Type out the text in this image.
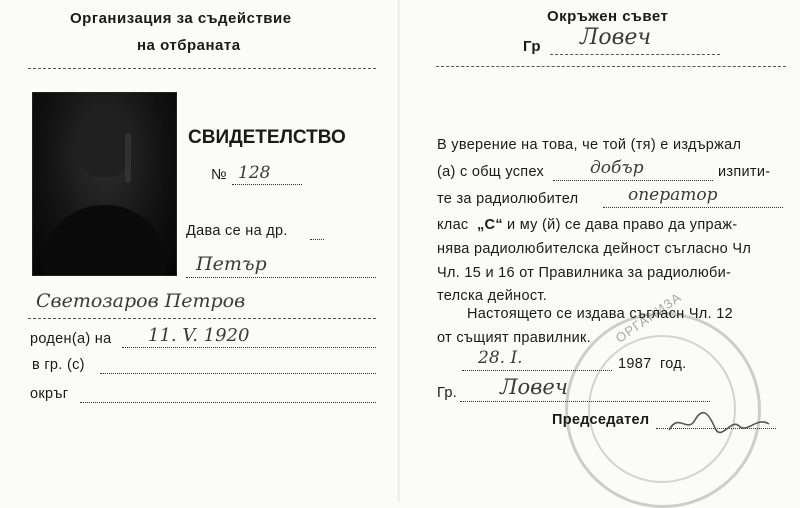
Организация за съдействие
на отбраната
СВИДЕТЕЛСТВО
№ 128
Дава се на др.
Петър
Светозаров Петров
роден(а) на 11. V. 1920
в гр. (с)
окръг
Окръжен съвет
Гр Ловеч
ОРГАНИЗА
В уверение на това, че той (тя) е издържал
(а) с общ успех	добър	изпити-
те за радиолюбител	оператор
клас „С“ и му (й) се дава право да упраж-
нява радиолюбителска дейност съгласно Чл
Чл. 15 и 16 от Правилника за радиолюби-
телска дейност.
Настоящето се издава съгласн Чл. 12
от същият правилник.
28. I.	1987 год.
Гр. Ловеч
Председател
